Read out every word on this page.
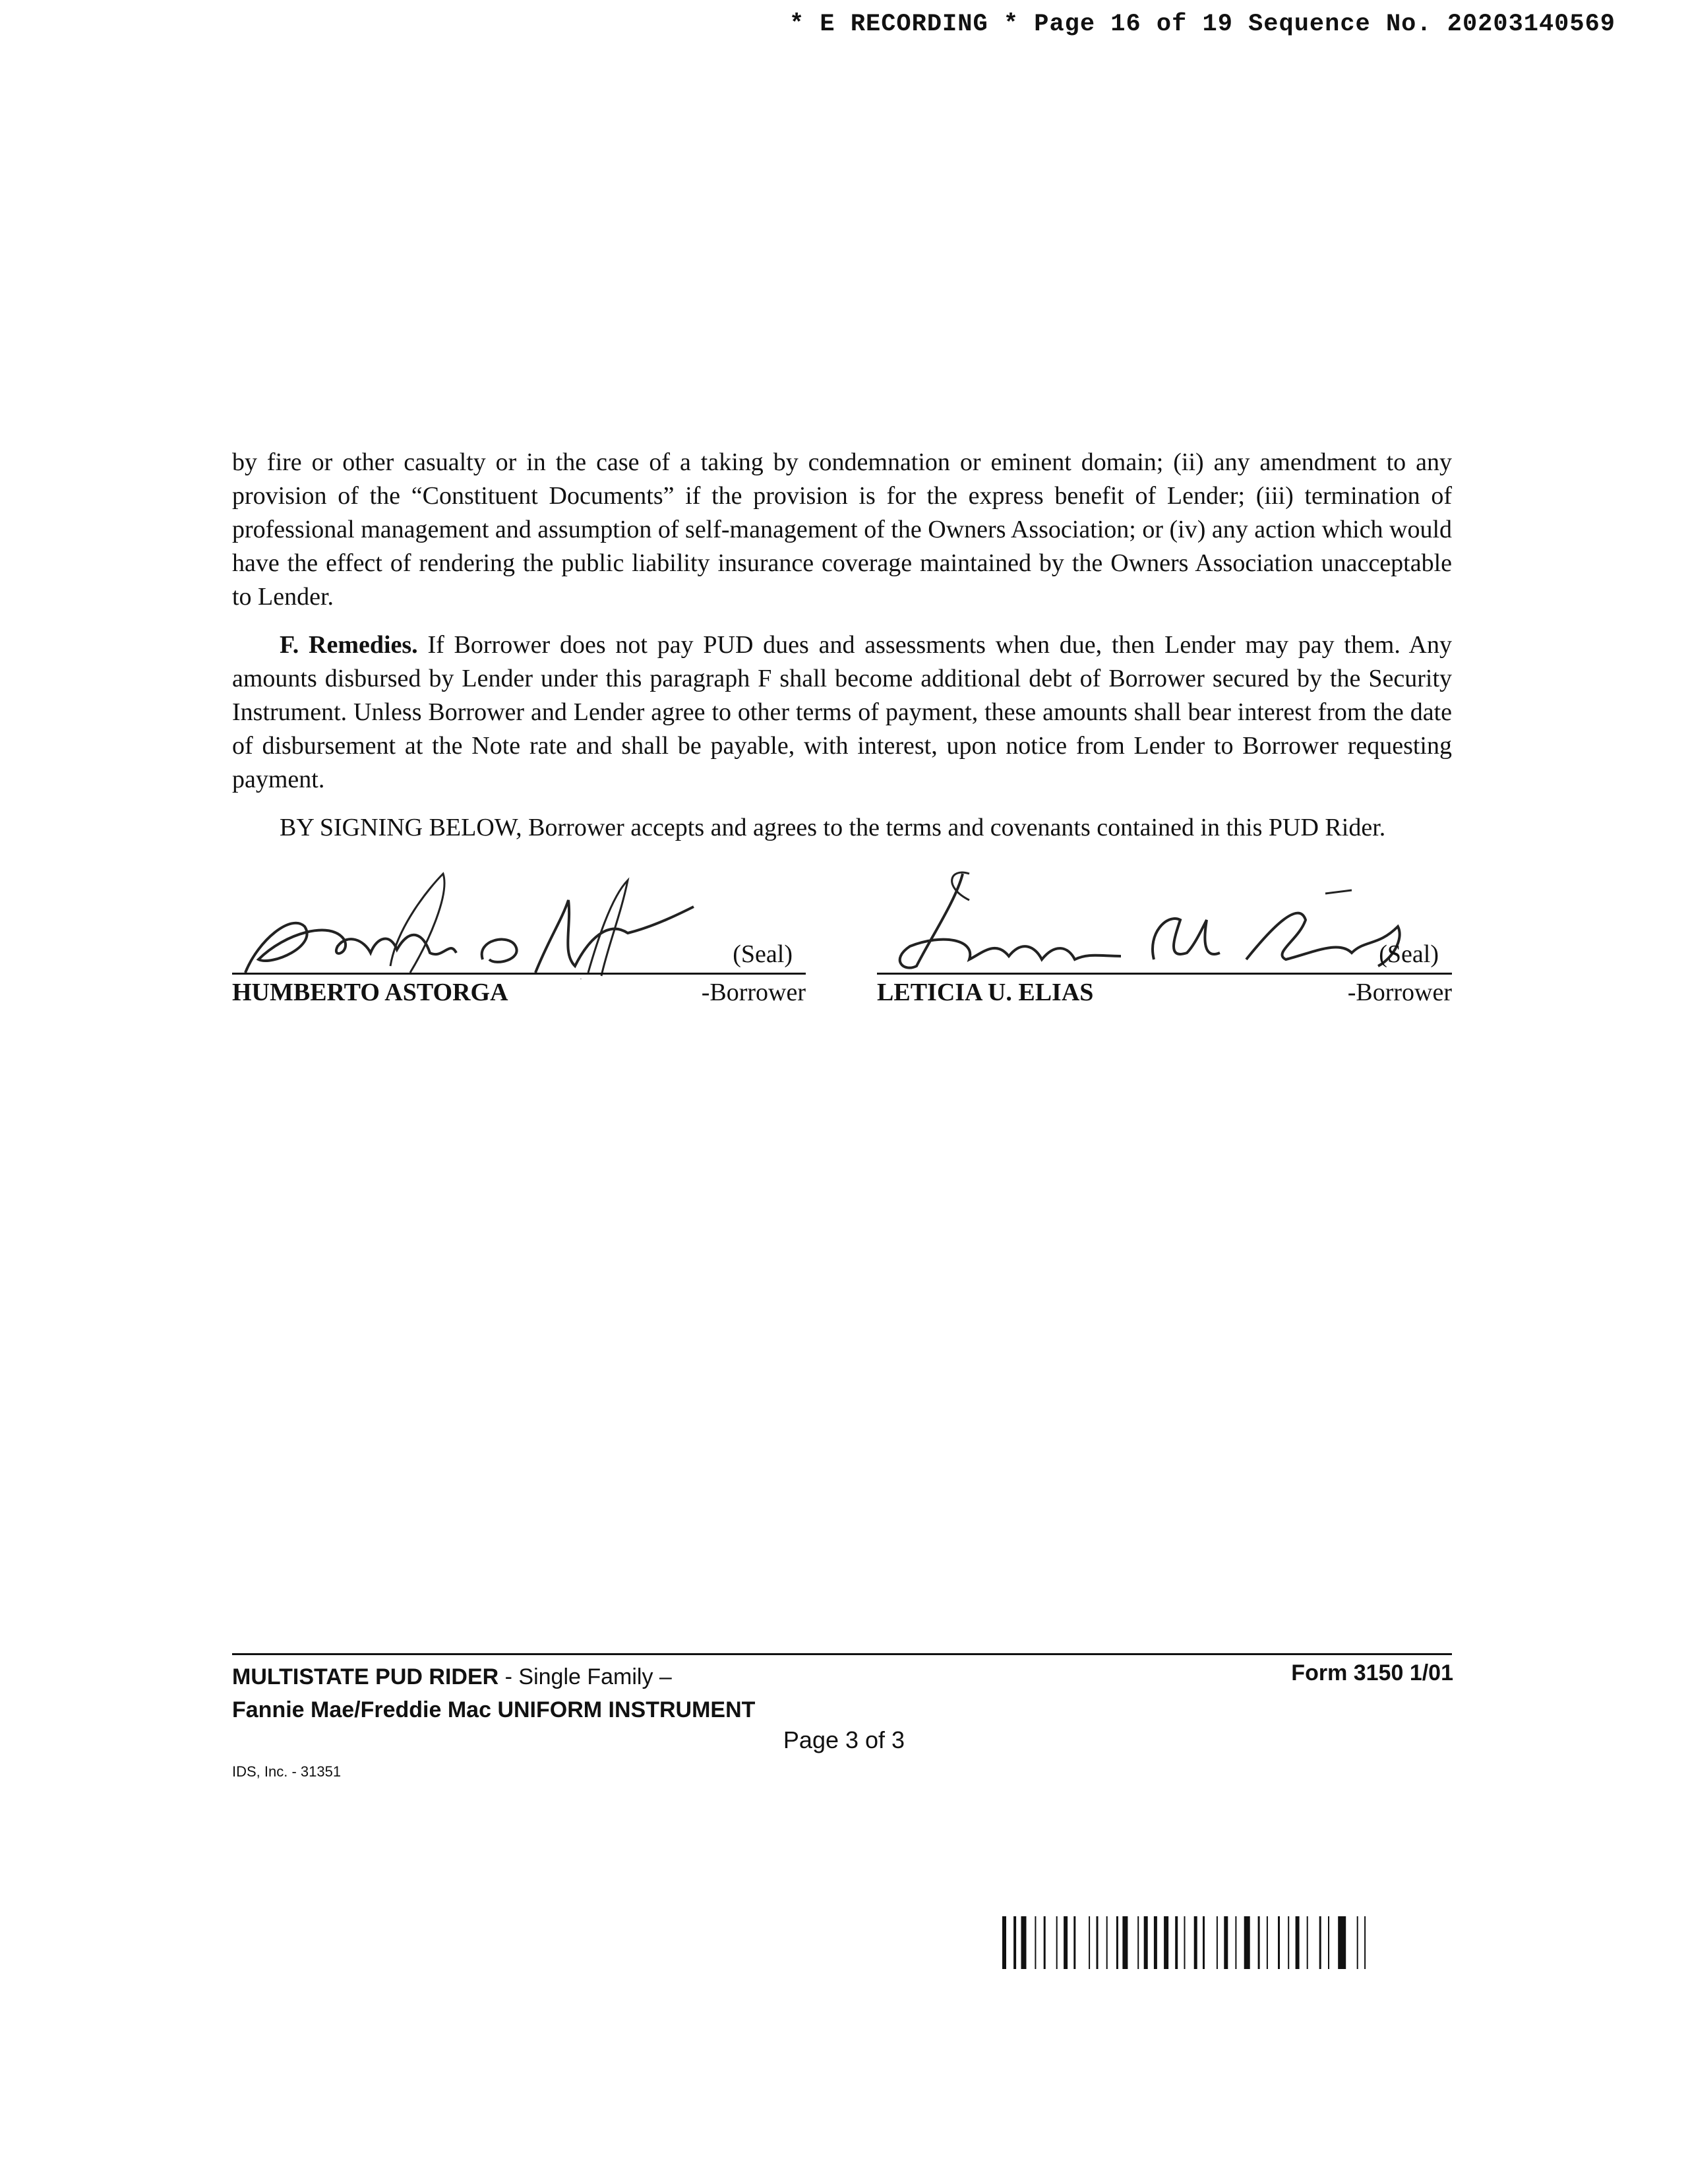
* E RECORDING * Page 16 of 19 Sequence No. 20203140569

by fire or other casualty or in the case of a taking by condemnation or eminent domain; (ii) any amendment to any provision of the “Constituent Documents” if the provision is for the express benefit of Lender; (iii) termination of professional management and assumption of self-management of the Owners Association; or (iv) any action which would have the effect of rendering the public liability insurance coverage maintained by the Owners Association unacceptable to Lender.

F. Remedies. If Borrower does not pay PUD dues and assessments when due, then Lender may pay them. Any amounts disbursed by Lender under this paragraph F shall become additional debt of Borrower secured by the Security Instrument. Unless Borrower and Lender agree to other terms of payment, these amounts shall bear interest from the date of disbursement at the Note rate and shall be payable, with interest, upon notice from Lender to Borrower requesting payment.

BY SIGNING BELOW, Borrower accepts and agrees to the terms and covenants contained in this PUD Rider.

(Seal)
HUMBERTO ASTORGA	-Borrower
(Seal)
LETICIA U. ELIAS	-Borrower
MULTISTATE PUD RIDER - Single Family –
Fannie Mae/Freddie Mac UNIFORM INSTRUMENT
Form 3150 1/01
Page 3 of 3
IDS, Inc. - 31351
